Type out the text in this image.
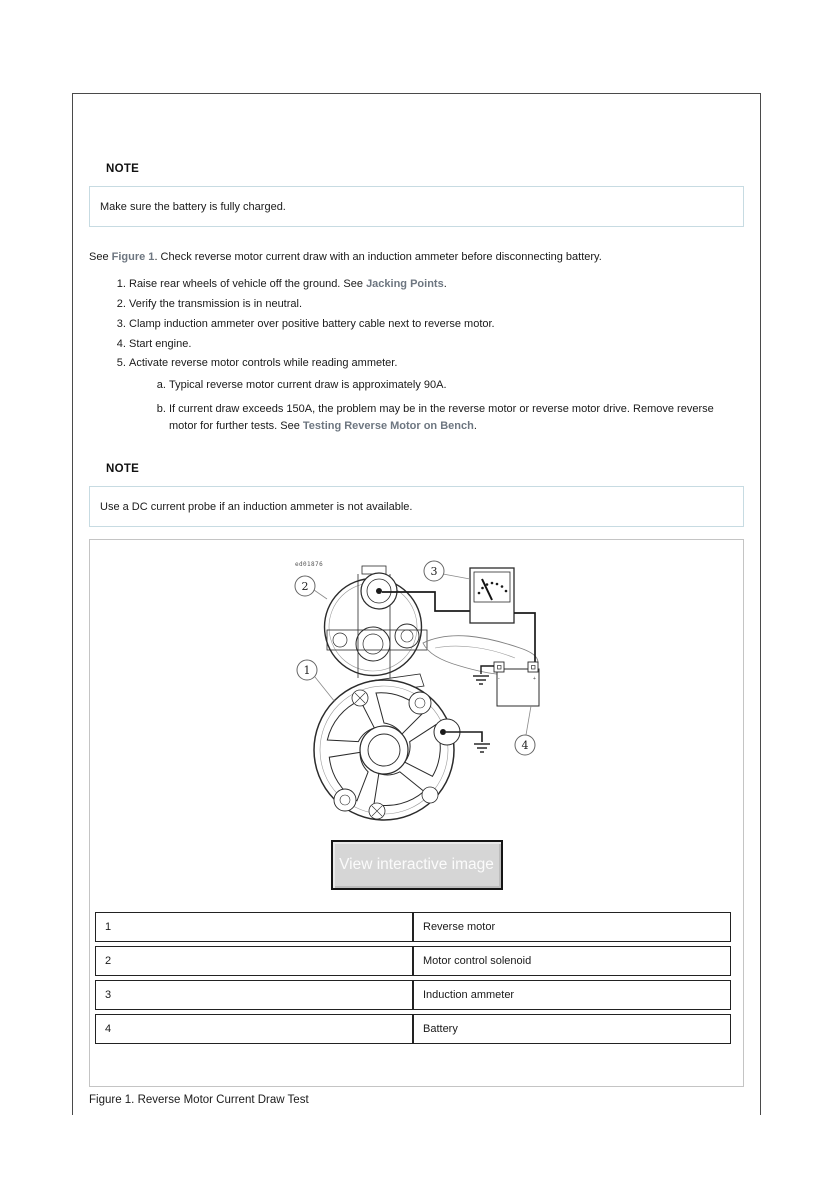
NOTE
Make sure the battery is fully charged.

See Figure 1. Check reverse motor current draw with an induction ammeter before disconnecting battery.

1. Raise rear wheels of vehicle off the ground. See Jacking Points.
2. Verify the transmission is in neutral.
3. Clamp induction ammeter over positive battery cable next to reverse motor.
4. Start engine.
5. Activate reverse motor controls while reading ammeter.
a. Typical reverse motor current draw is approximately 90A.
b. If current draw exceeds 150A, the problem may be in the reverse motor or reverse motor drive. Remove reverse motor for further tests. See Testing Reverse Motor on Bench.
NOTE
Use a DC current probe if an induction ammeter is not available.
ed01876
-	+
2
3
1
4
View interactive image
1	Reverse motor
2	Motor control solenoid
3	Induction ammeter
4	Battery
Figure 1. Reverse Motor Current Draw Test
